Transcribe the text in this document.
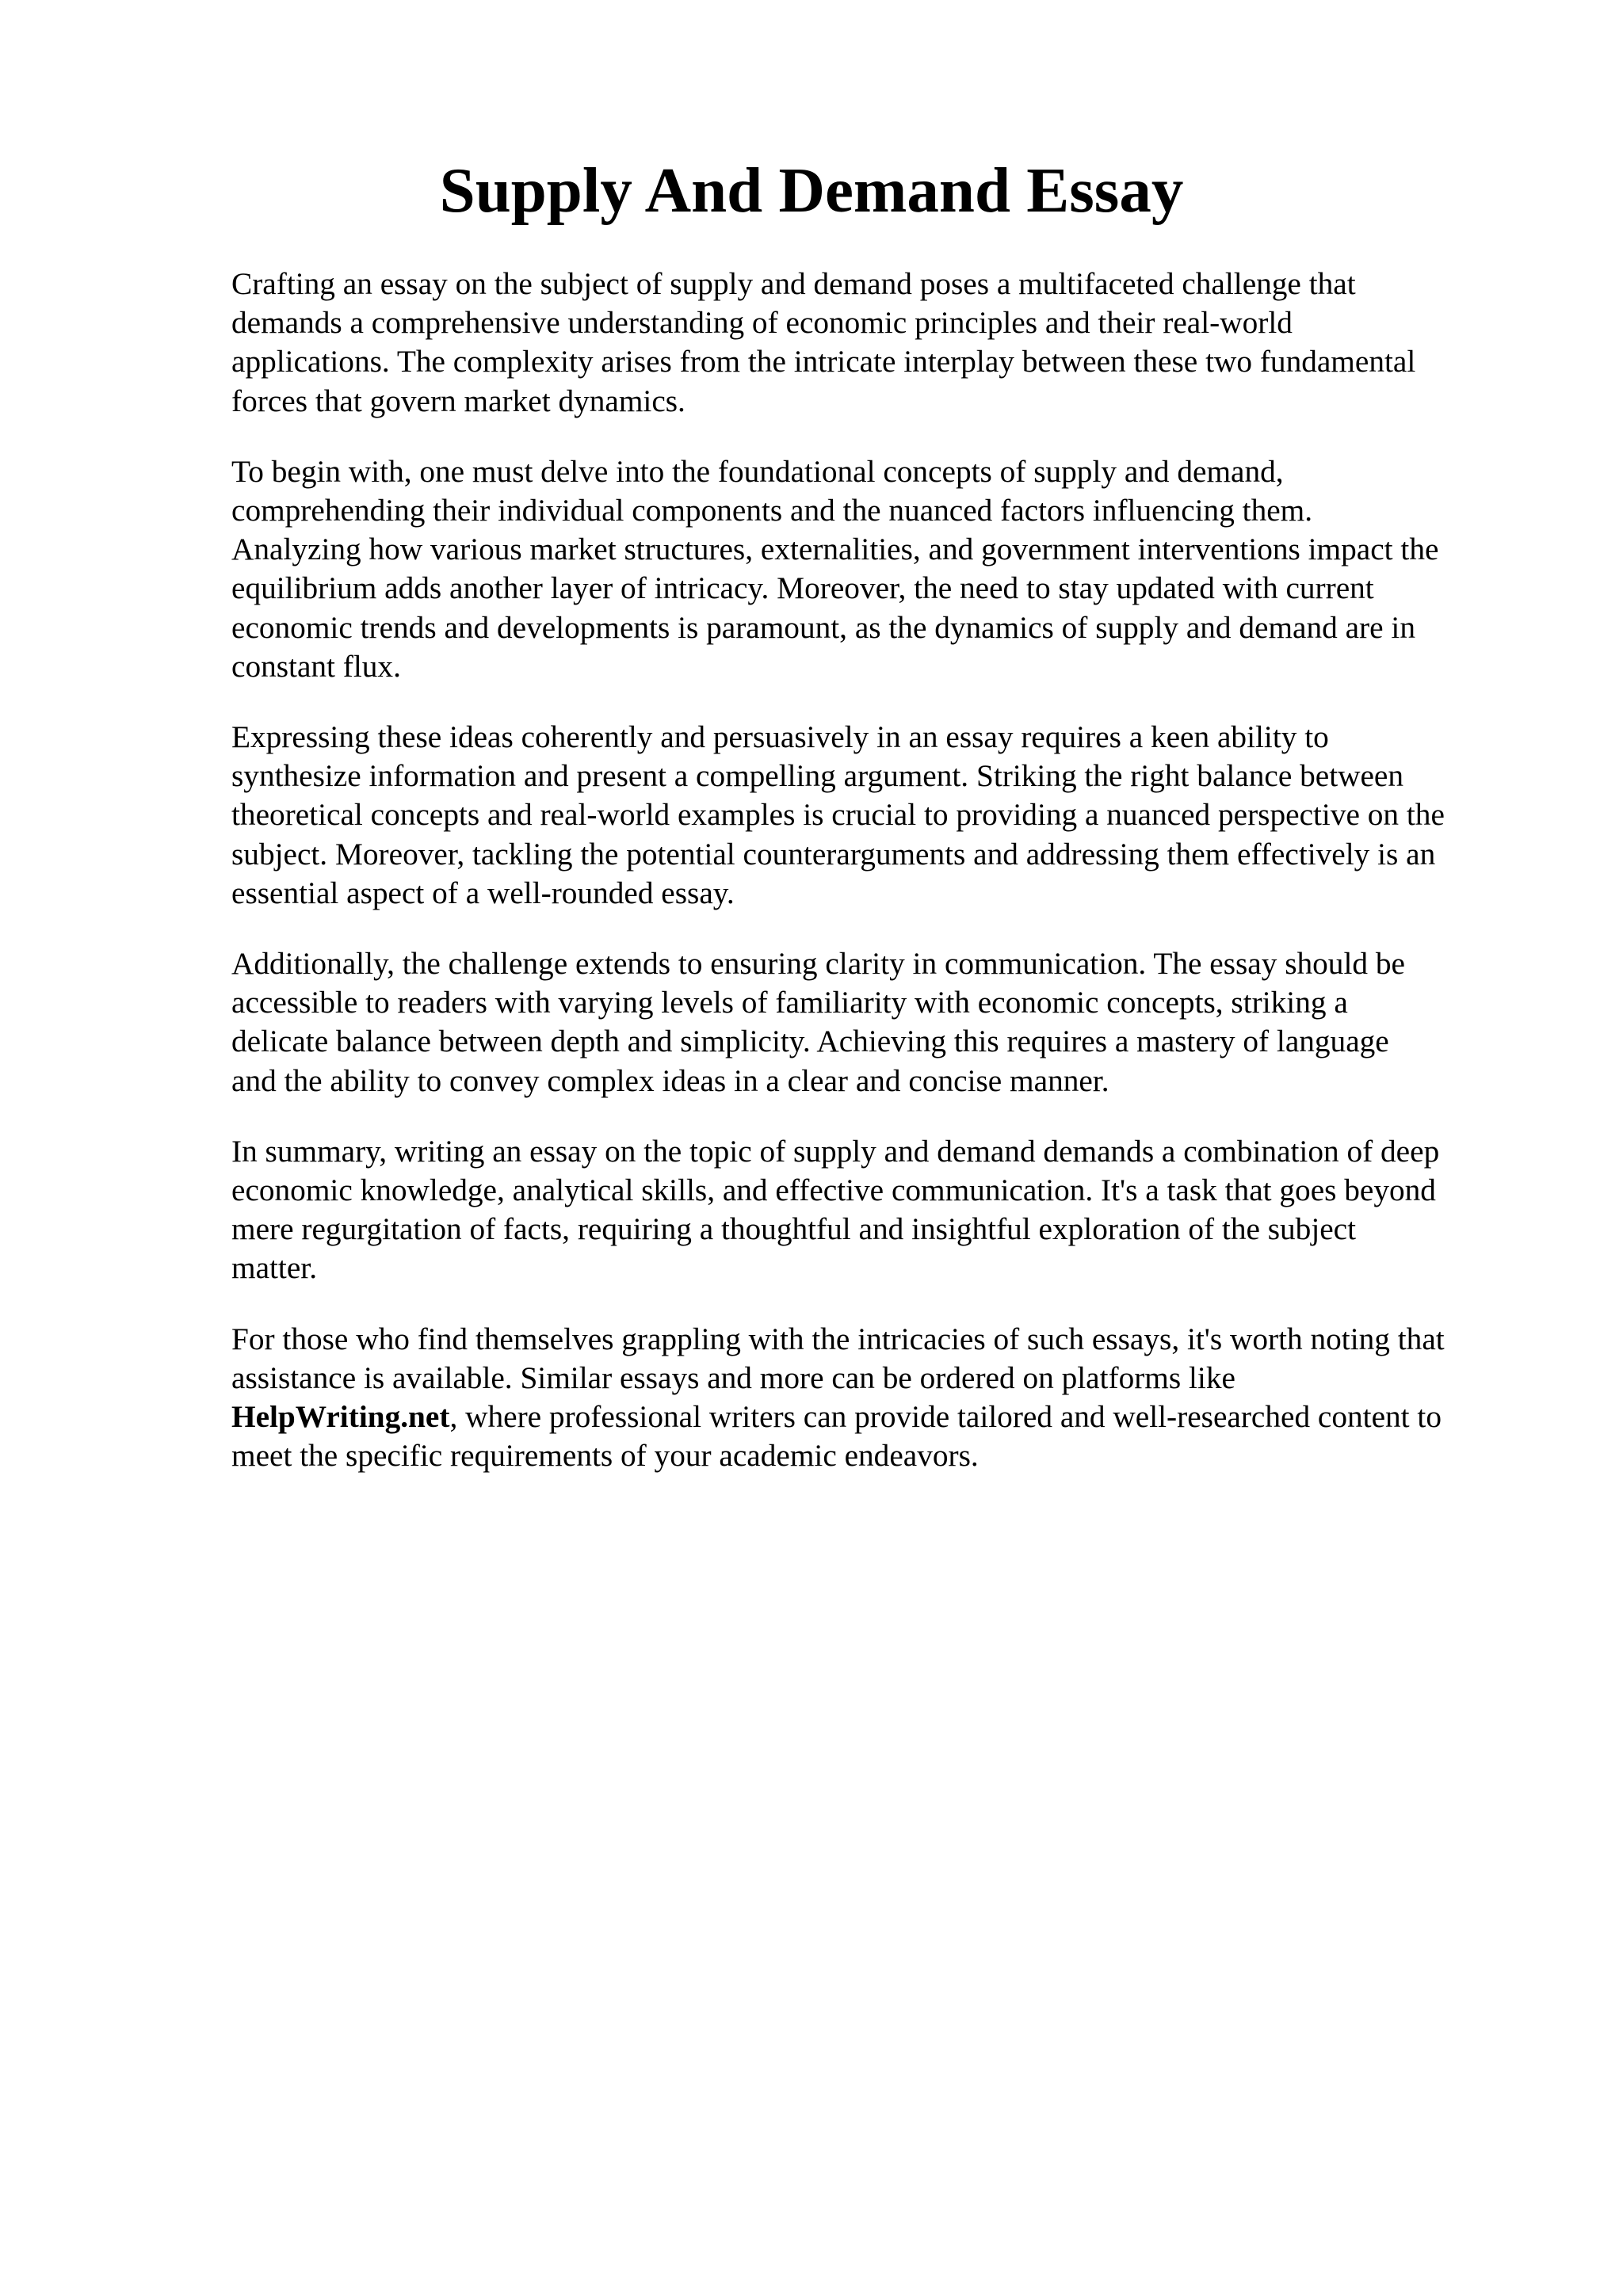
Supply And Demand Essay

Crafting an essay on the subject of supply and demand poses a multifaceted challenge that
demands a comprehensive understanding of economic principles and their real-world
applications. The complexity arises from the intricate interplay between these two fundamental
forces that govern market dynamics.

To begin with, one must delve into the foundational concepts of supply and demand,
comprehending their individual components and the nuanced factors influencing them.
Analyzing how various market structures, externalities, and government interventions impact the
equilibrium adds another layer of intricacy. Moreover, the need to stay updated with current
economic trends and developments is paramount, as the dynamics of supply and demand are in
constant flux.

Expressing these ideas coherently and persuasively in an essay requires a keen ability to
synthesize information and present a compelling argument. Striking the right balance between
theoretical concepts and real-world examples is crucial to providing a nuanced perspective on the
subject. Moreover, tackling the potential counterarguments and addressing them effectively is an
essential aspect of a well-rounded essay.

Additionally, the challenge extends to ensuring clarity in communication. The essay should be
accessible to readers with varying levels of familiarity with economic concepts, striking a
delicate balance between depth and simplicity. Achieving this requires a mastery of language
and the ability to convey complex ideas in a clear and concise manner.

In summary, writing an essay on the topic of supply and demand demands a combination of deep
economic knowledge, analytical skills, and effective communication. It's a task that goes beyond
mere regurgitation of facts, requiring a thoughtful and insightful exploration of the subject
matter.

For those who find themselves grappling with the intricacies of such essays, it's worth noting that
assistance is available. Similar essays and more can be ordered on platforms like
HelpWriting.net, where professional writers can provide tailored and well-researched content to
meet the specific requirements of your academic endeavors.
